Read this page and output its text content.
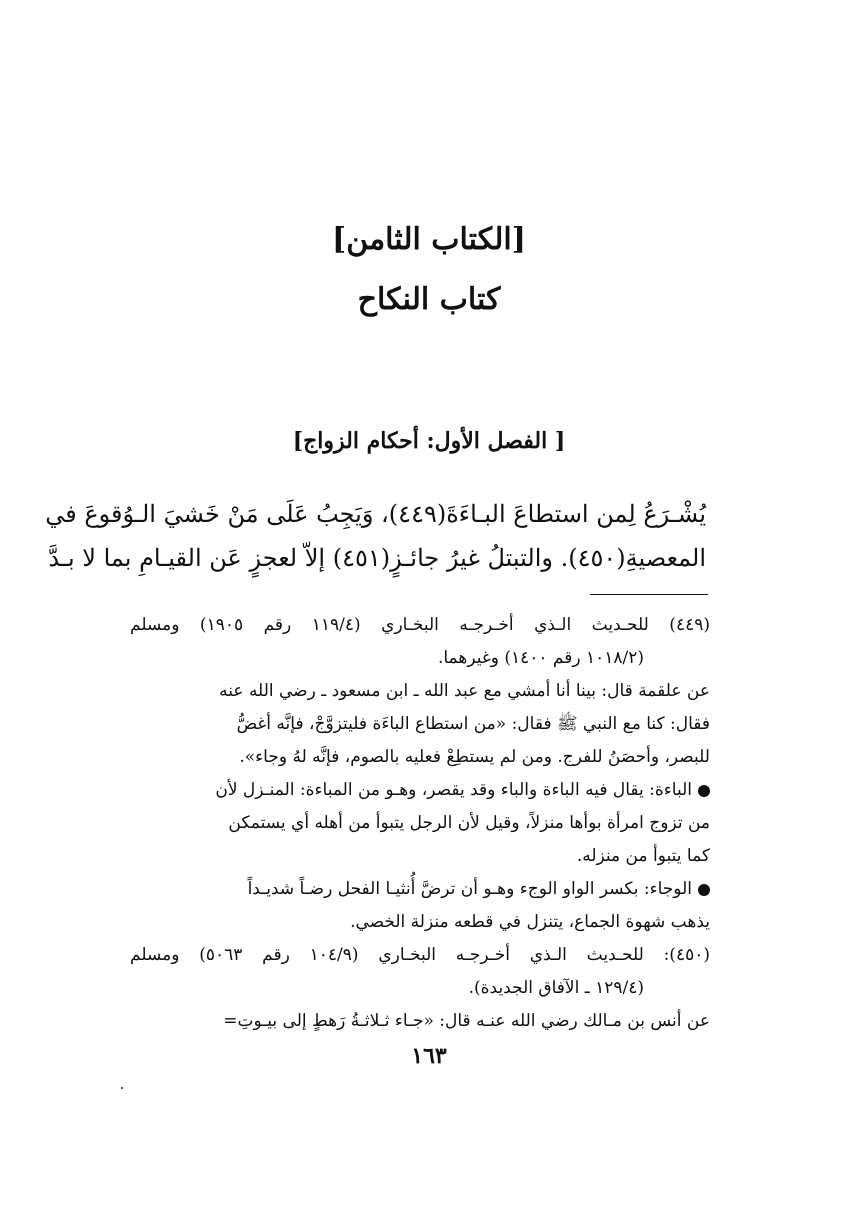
[الكتاب الثامن]
كتاب النكاح
[ الفصل الأول: أحكام الزواج]
يُشْـرَعُ لِمن استطاعَ البـاءَةَ(٤٤٩)، وَيَجِبُ عَلَى مَنْ خَشيَ الـوُقوعَ في
المعصيةِ(٤٥٠). والتبتلُ غيرُ جائـزٍ(٤٥١) إلاّ لعجزٍ عَن القيـامِ بما لا بـدَّ
(٤٤٩) للحـديث الـذي أخـرجـه البخـاري (١١٩/٤ رقم ١٩٠٥) ومسلم
(١٠١٨/٢ رقم ١٤٠٠) وغيرهما.
عن علقمة قال: بينا أنا أمشي مع عبد الله ـ ابن مسعود ـ رضي الله عنه
فقال: كنا مع النبي ﷺ فقال: «من استطاع الباءَة فليتزوَّجْ، فإنَّه أغضُّ
للبصر، وأحصَنُ للفرج. ومن لم يستطِعْ فعليه بالصوم، فإنَّه لهُ وجاء».
الباءة: يقال فيه الباءة والباء وقد يقصر، وهـو من المباءة: المنـزل لأن
من تزوج امرأة بوأها منزلاً، وقيل لأن الرجل يتبوأ من أهله أي يستمكن
كما يتبوأ من منزله.
الوجاء: بكسر الواو الوجء وهـو أن ترضَّ أُنثيـا الفحل رضـاً شديـداً
يذهب شهوة الجماع، يتنزل في قطعه منزلة الخصي.
(٤٥٠): للحـديث الـذي أخـرجـه البخـاري (١٠٤/٩ رقم ٥٠٦٣) ومسلم
(١٢٩/٤ ـ الآفاق الجديدة).
عن أنس بن مـالك رضي الله عنـه قال: «جـاء ثـلاثـةُ رَهطٍ إلى بيـوتِ=
١٦٣
